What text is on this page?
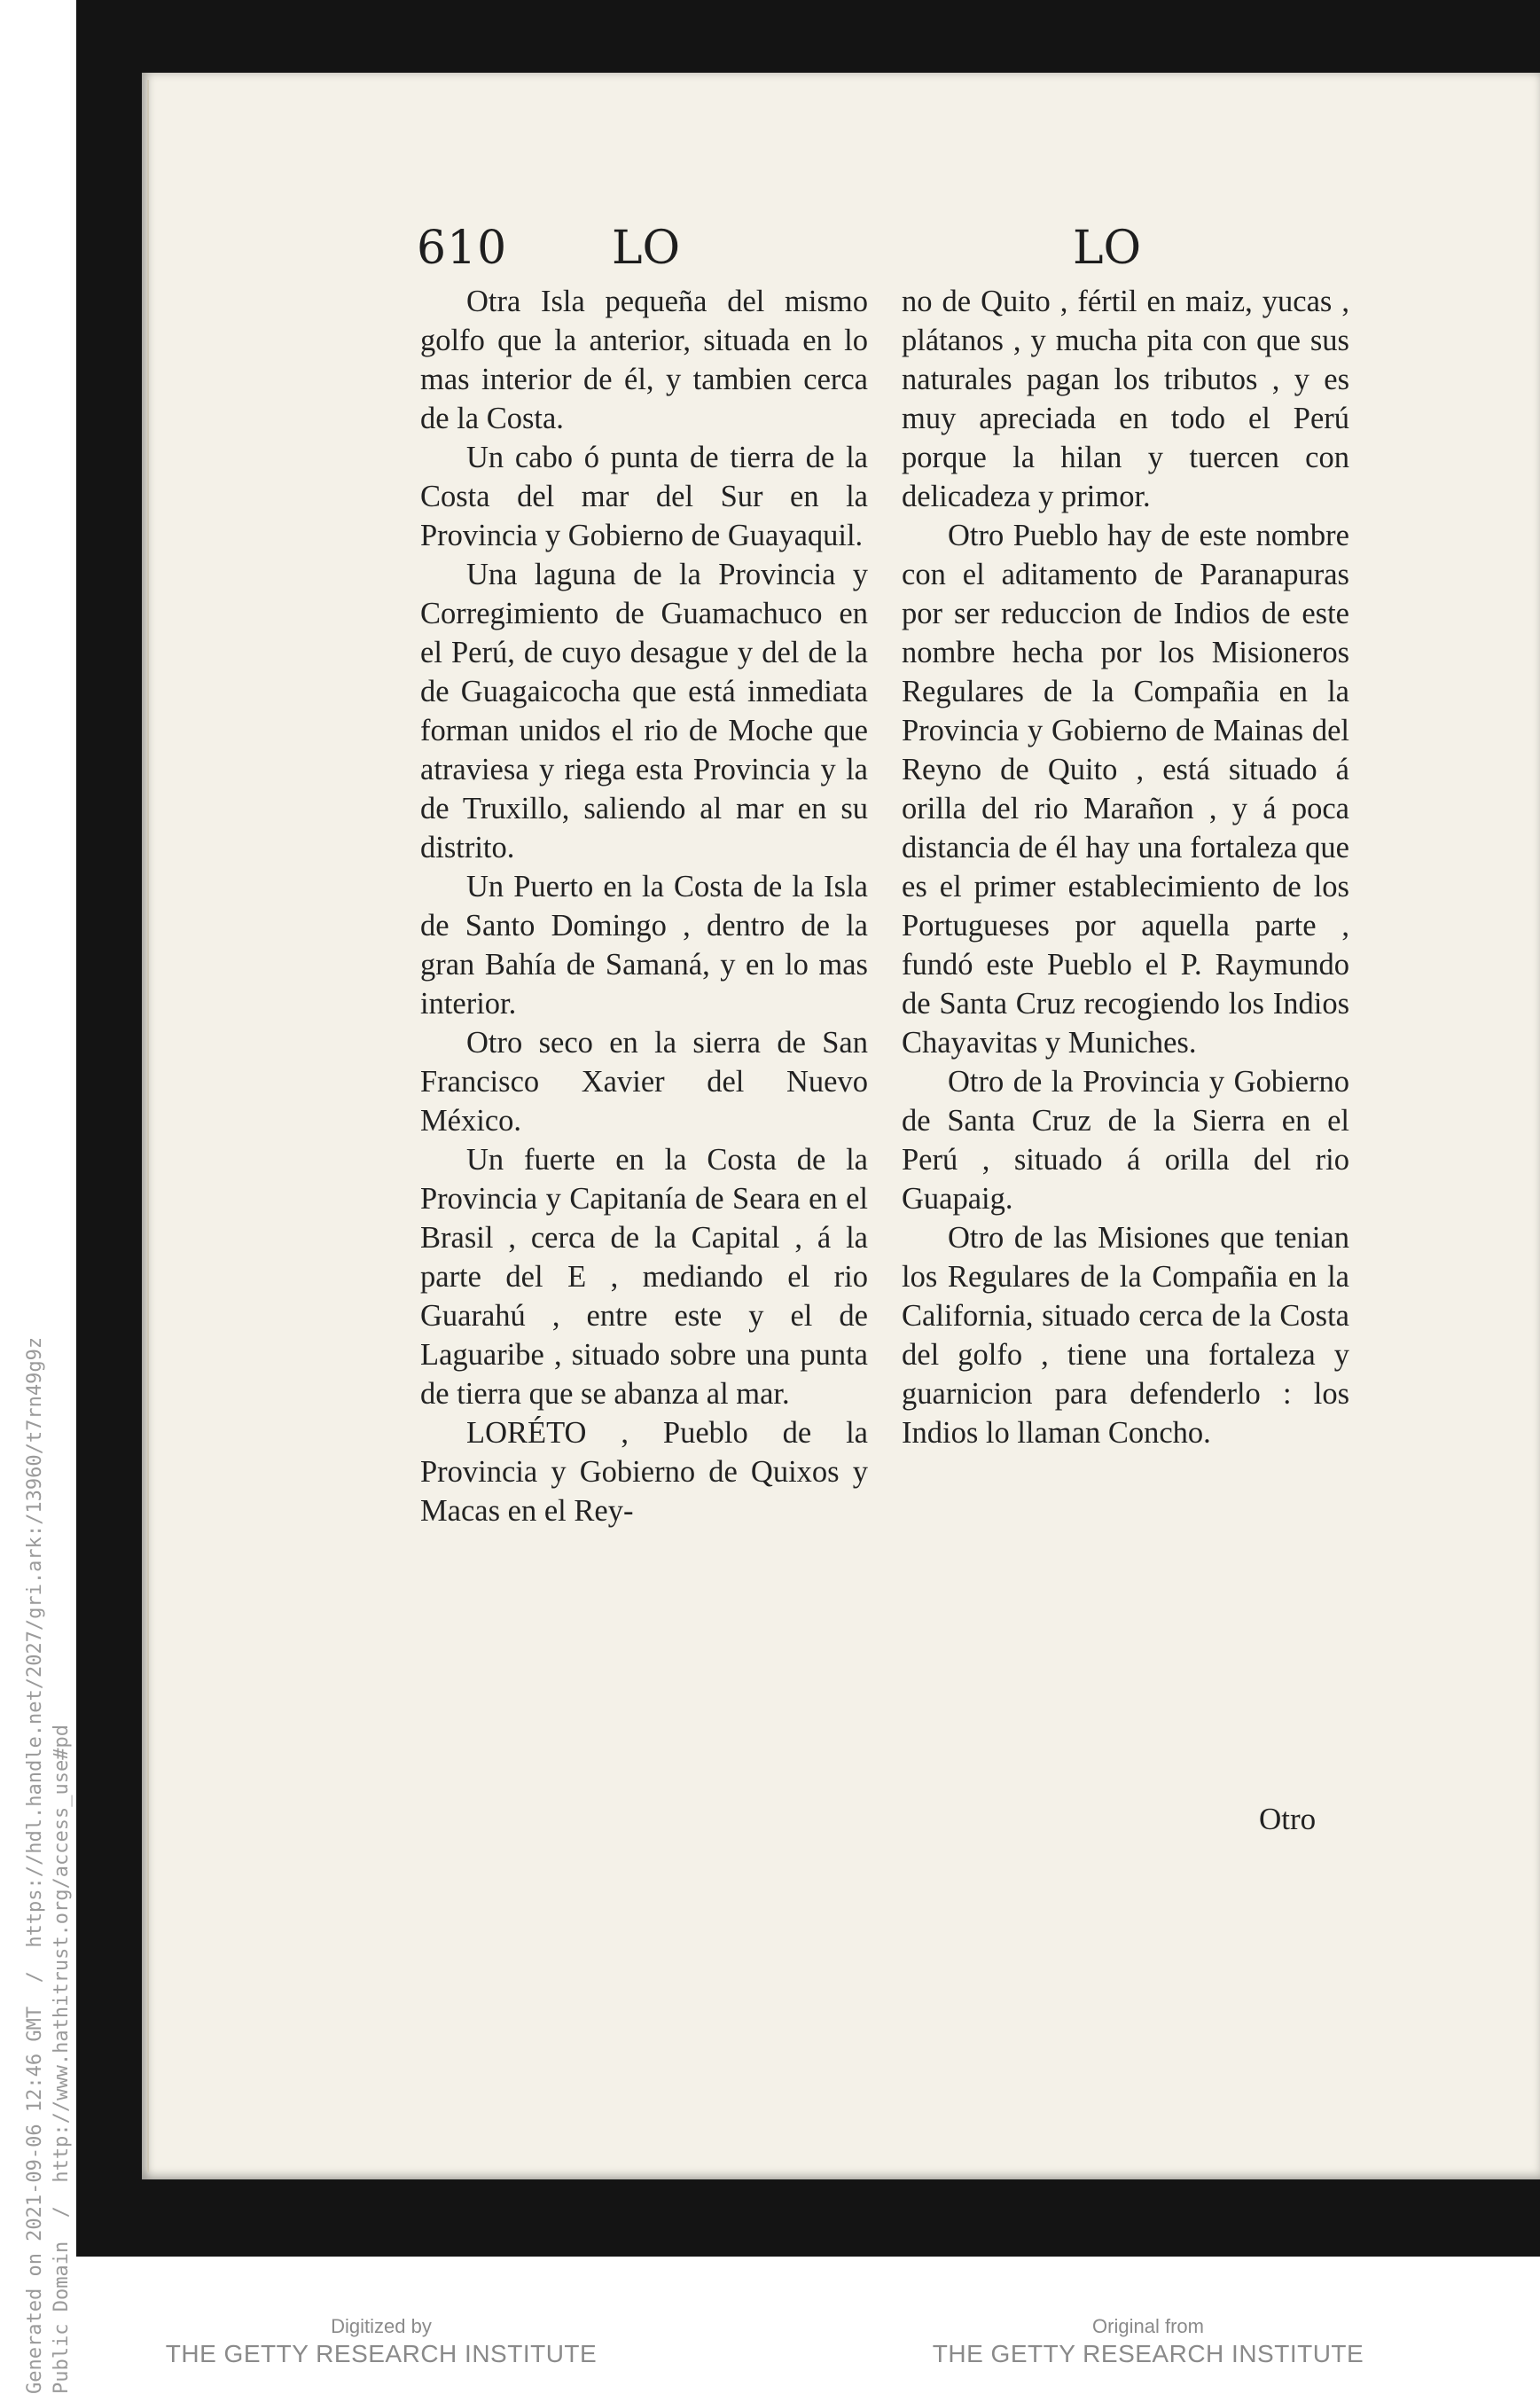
610 LO	LO

Otra Isla pequeña del mismo golfo que la anterior, situada en lo mas interior de él, y tambien cerca de la Costa.

Un cabo ó punta de tierra de la Costa del mar del Sur en la Provincia y Gobierno de Guayaquil.

Una laguna de la Provincia y Corregimiento de Guamachuco en el Perú, de cuyo desague y del de la de Guagaicocha que está inmediata forman unidos el rio de Moche que atraviesa y riega esta Provincia y la de Truxillo, saliendo al mar en su distrito.

Un Puerto en la Costa de la Isla de Santo Domingo , dentro de la gran Bahía de Samaná, y en lo mas interior.

Otro seco en la sierra de San Francisco Xavier del Nuevo México.

Un fuerte en la Costa de la Provincia y Capitanía de Seara en el Brasil , cerca de la Capital , á la parte del E , mediando el rio Guarahú , entre este y el de Laguaribe , situado sobre una punta de tierra que se abanza al mar.

LORÉTO , Pueblo de la Provincia y Gobierno de Quixos y Macas en el Rey-

no de Quito , fértil en maiz, yucas , plátanos , y mucha pita con que sus naturales pagan los tributos , y es muy apreciada en todo el Perú porque la hilan y tuercen con delicadeza y primor.

Otro Pueblo hay de este nombre con el aditamento de Paranapuras por ser reduccion de Indios de este nombre hecha por los Misioneros Regulares de la Compañia en la Provincia y Gobierno de Mainas del Reyno de Quito , está situado á orilla del rio Marañon , y á poca distancia de él hay una fortaleza que es el primer establecimiento de los Portugueses por aquella parte , fundó este Pueblo el P. Raymundo de Santa Cruz recogiendo los Indios Chayavitas y Muniches.

Otro de la Provincia y Gobierno de Santa Cruz de la Sierra en el Perú , situado á orilla del rio Guapaig.

Otro de las Misiones que tenian los Regulares de la Compañia en la California, situado cerca de la Costa del golfo , tiene una fortaleza y guarnicion para defenderlo : los Indios lo llaman Concho.

Otro
Generated on 2021-09-06 12:46 GMT  /  https://hdl.handle.net/2027/gri.ark:/13960/t7rn49g9z Public Domain  /  http://www.hathitrust.org/access_use#pd	Digitized by
THE GETTY RESEARCH INSTITUTE
Original from
THE GETTY RESEARCH INSTITUTE
